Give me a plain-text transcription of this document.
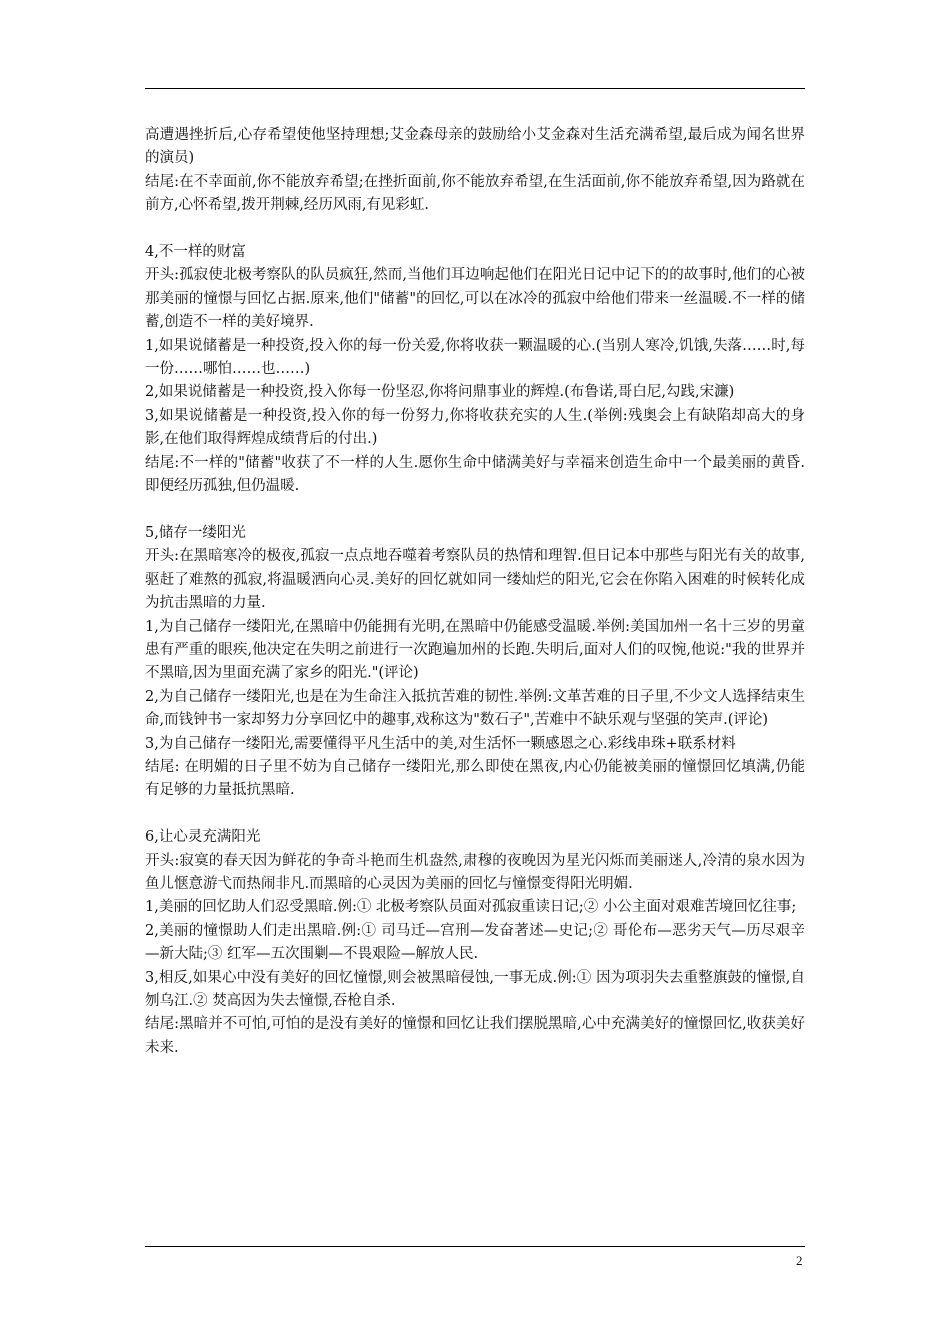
高遭遇挫折后,心存希望使他坚持理想;艾金森母亲的鼓励给小艾金森对生活充满希望,最后成为闻名世界的演员)

结尾:在不幸面前,你不能放弃希望;在挫折面前,你不能放弃希望,在生活面前,你不能放弃希望,因为路就在前方,心怀希望,拨开荆棘,经历风雨,有见彩虹.

4,不一样的财富

开头:孤寂使北极考察队的队员疯狂,然而,当他们耳边响起他们在阳光日记中记下的的故事时,他们的心被那美丽的憧憬与回忆占据.原来,他们"储蓄"的回忆,可以在冰冷的孤寂中给他们带来一丝温暖.不一样的储蓄,创造不一样的美好境界.

1,如果说储蓄是一种投资,投入你的每一份关爱,你将收获一颗温暖的心.(当别人寒冷,饥饿,失落……时,每一份……哪怕……也……)

2,如果说储蓄是一种投资,投入你每一份坚忍,你将问鼎事业的辉煌.(布鲁诺,哥白尼,勾践,宋濂)

3,如果说储蓄是一种投资,投入你的每一份努力,你将收获充实的人生.(举例:残奥会上有缺陷却高大的身影,在他们取得辉煌成绩背后的付出.)

结尾:不一样的"储蓄"收获了不一样的人生.愿你生命中储满美好与幸福来创造生命中一个最美丽的黄昏.即便经历孤独,但仍温暖.

5,储存一缕阳光

开头:在黑暗寒冷的极夜,孤寂一点点地吞噬着考察队员的热情和理智.但日记本中那些与阳光有关的故事,驱赶了难熬的孤寂,将温暖洒向心灵.美好的回忆就如同一缕灿烂的阳光,它会在你陷入困难的时候转化成为抗击黑暗的力量.

1,为自己储存一缕阳光,在黑暗中仍能拥有光明,在黑暗中仍能感受温暖.举例:美国加州一名十三岁的男童患有严重的眼疾,他决定在失明之前进行一次跑遍加州的长跑.失明后,面对人们的叹惋,他说:"我的世界并不黑暗,因为里面充满了家乡的阳光."(评论)

2,为自己储存一缕阳光,也是在为生命注入抵抗苦难的韧性.举例:文革苦难的日子里,不少文人选择结束生命,而钱钟书一家却努力分享回忆中的趣事,戏称这为"数石子",苦难中不缺乐观与坚强的笑声.(评论)

3,为自己储存一缕阳光,需要懂得平凡生活中的美,对生活怀一颗感恩之心.彩线串珠+联系材料

结尾: 在明媚的日子里不妨为自己储存一缕阳光,那么即使在黑夜,内心仍能被美丽的憧憬回忆填满,仍能有足够的力量抵抗黑暗.

6,让心灵充满阳光

开头:寂寞的春天因为鲜花的争奇斗艳而生机盎然,肃穆的夜晚因为星光闪烁而美丽迷人,冷清的泉水因为鱼儿惬意游弋而热闹非凡.而黑暗的心灵因为美丽的回忆与憧憬变得阳光明媚.

1,美丽的回忆助人们忍受黑暗.例:① 北极考察队员面对孤寂重读日记;② 小公主面对艰难苦境回忆往事;

2,美丽的憧憬助人们走出黑暗.例:① 司马迁—宫刑—发奋著述—史记;② 哥伦布—恶劣天气—历尽艰辛—新大陆;③ 红军—五次围剿—不畏艰险—解放人民.

3,相反,如果心中没有美好的回忆憧憬,则会被黑暗侵蚀,一事无成.例:① 因为项羽失去重整旗鼓的憧憬,自刎乌江.② 焚高因为失去憧憬,吞枪自杀.

结尾:黑暗并不可怕,可怕的是没有美好的憧憬和回忆让我们摆脱黑暗,心中充满美好的憧憬回忆,收获美好未来.

2
